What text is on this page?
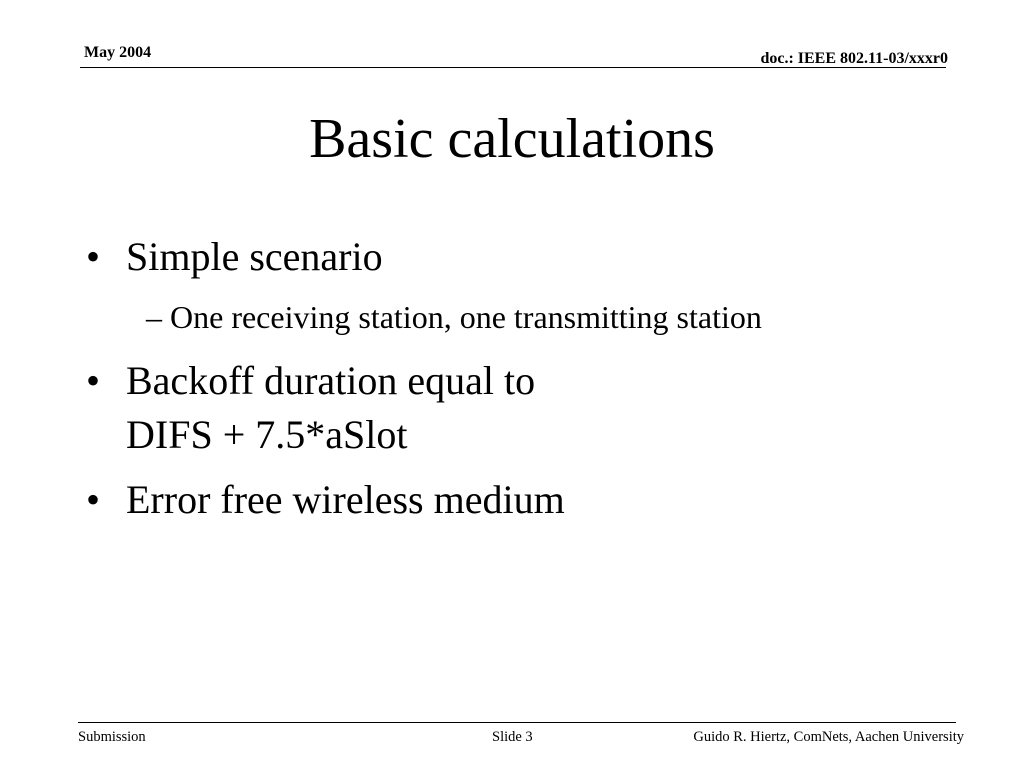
May 2004	doc.: IEEE 802.11-03/xxxr0
Basic calculations
• Simple scenario
– One receiving station, one transmitting station
• Backoff duration equal to
DIFS + 7.5*aSlot
• Error free wireless medium
Submission	Slide 3	Guido R. Hiertz, ComNets, Aachen University
